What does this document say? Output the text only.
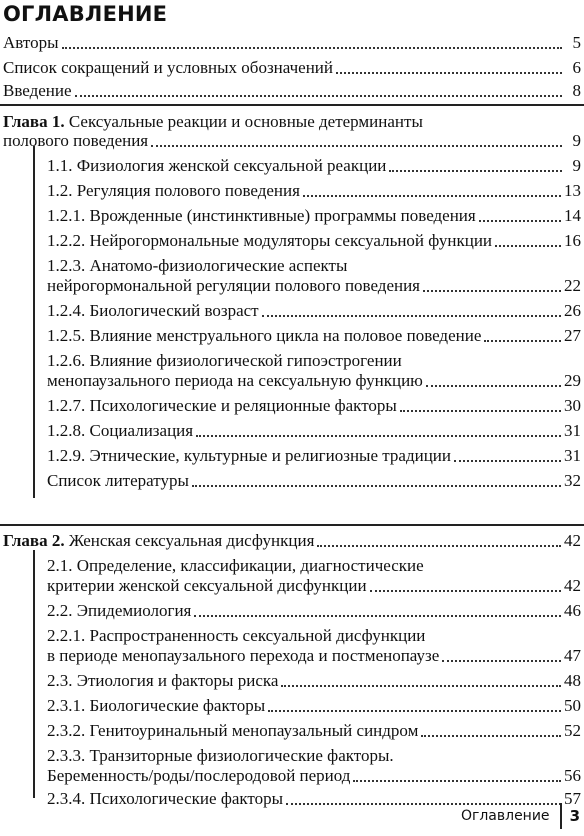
ОГЛАВЛЕНИЕ
Авторы	5
Список сокращений и условных обозначений	6
Введение	8
Глава 1. Сексуальные реакции и основные детерминанты
полового поведения	9
1.1. Физиология женской сексуальной реакции	9
1.2. Регуляция полового поведения	13
1.2.1. Врожденные (инстинктивные) программы поведения	14
1.2.2. Нейрогормональные модуляторы сексуальной функции	16
1.2.3. Анатомо-физиологические аспекты
нейрогормональной регуляции полового поведения	22
1.2.4. Биологический возраст	26
1.2.5. Влияние менструального цикла на половое поведение	27
1.2.6. Влияние физиологической гипоэстрогении
менопаузального периода на сексуальную функцию	29
1.2.7. Психологические и реляционные факторы	30
1.2.8. Социализация	31
1.2.9. Этнические, культурные и религиозные традиции	31
Список литературы	32
Глава 2. Женская сексуальная дисфункция	42
2.1. Определение, классификации, диагностические
критерии женской сексуальной дисфункции	42
2.2. Эпидемиология	46
2.2.1. Распространенность сексуальной дисфункции
в периоде менопаузального перехода и постменопаузе	47
2.3. Этиология и факторы риска	48
2.3.1. Биологические факторы	50
2.3.2. Генитоуринальный менопаузальный синдром	52
2.3.3. Транзиторные физиологические факторы.
Беременность/роды/послеродовой период	56
2.3.4. Психологические факторы	57
Оглавление 3
